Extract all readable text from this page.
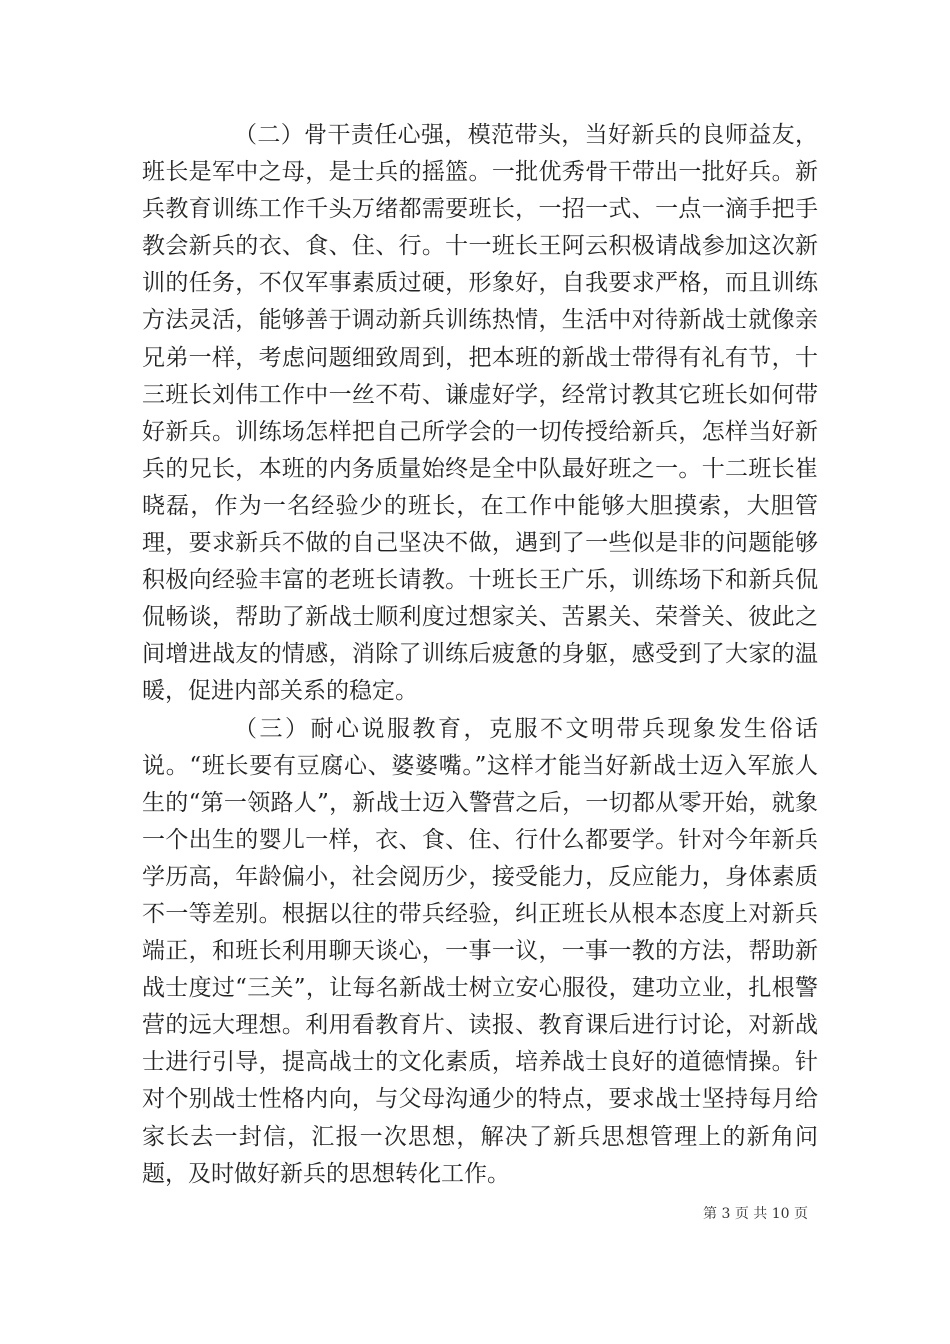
（二）骨干责任心强，模范带头，当好新兵的良师益友，班长是军中之母，是士兵的摇篮。一批优秀骨干带出一批好兵。新兵教育训练工作千头万绪都需要班长，一招一式、一点一滴手把手教会新兵的衣、食、住、行。十一班长王阿云积极请战参加这次新训的任务，不仅军事素质过硬，形象好，自我要求严格，而且训练方法灵活，能够善于调动新兵训练热情，生活中对待新战士就像亲兄弟一样，考虑问题细致周到，把本班的新战士带得有礼有节，十三班长刘伟工作中一丝不苟、谦虚好学，经常讨教其它班长如何带好新兵。训练场怎样把自己所学会的一切传授给新兵，怎样当好新兵的兄长，本班的内务质量始终是全中队最好班之一。十二班长崔晓磊，作为一名经验少的班长，在工作中能够大胆摸索，大胆管理，要求新兵不做的自己坚决不做，遇到了一些似是非的问题能够积极向经验丰富的老班长请教。十班长王广乐，训练场下和新兵侃侃畅谈，帮助了新战士顺利度过想家关、苦累关、荣誉关、彼此之间增进战友的情感，消除了训练后疲惫的身躯，感受到了大家的温暖，促进内部关系的稳定。

（三）耐心说服教育，克服不文明带兵现象发生俗话说。“班长要有豆腐心、婆婆嘴。”这样才能当好新战士迈入军旅人生的“第一领路人”，新战士迈入警营之后，一切都从零开始，就象一个出生的婴儿一样，衣、食、住、行什么都要学。针对今年新兵学历高，年龄偏小，社会阅历少，接受能力，反应能力，身体素质不一等差别。根据以往的带兵经验，纠正班长从根本态度上对新兵端正，和班长利用聊天谈心，一事一议，一事一教的方法，帮助新战士度过“三关”，让每名新战士树立安心服役，建功立业，扎根警营的远大理想。利用看教育片、读报、教育课后进行讨论，对新战士进行引导，提高战士的文化素质，培养战士良好的道德情操。针对个别战士性格内向，与父母沟通少的特点，要求战士坚持每月给家长去一封信，汇报一次思想，解决了新兵思想管理上的新角问题，及时做好新兵的思想转化工作。

第 3 页 共 10 页
